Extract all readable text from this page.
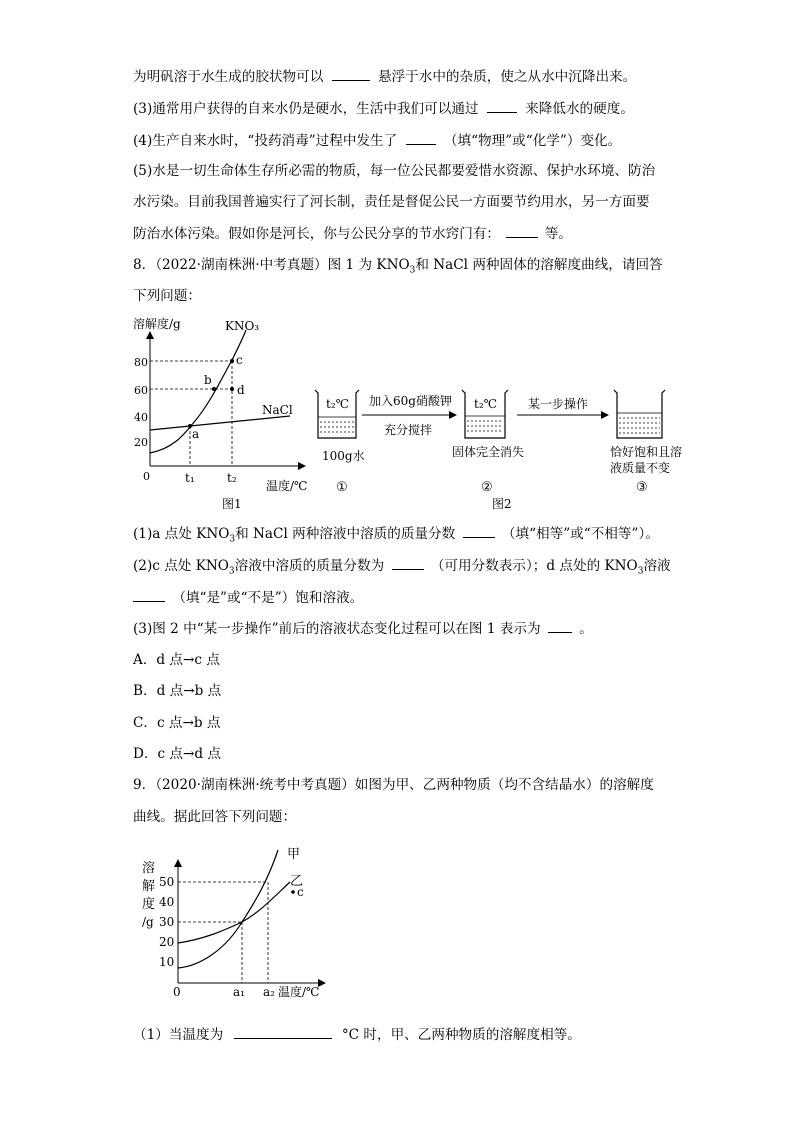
为明矾溶于水生成的胶状物可以	悬浮于水中的杂质，使之从水中沉降出来。
(3)通常用户获得的自来水仍是硬水，生活中我们可以通过	来降低水的硬度。
(4)生产自来水时，“投药消毒”过程中发生了	（填“物理”或“化学”）变化。
(5)水是一切生命体生存所必需的物质，每一位公民都要爱惜水资源、保护水环境、防治
水污染。目前我国普遍实行了河长制，责任是督促公民一方面要节约用水，另一方面要
防治水体污染。假如你是河长，你与公民分享的节水窍门有：	等。
8．（2022·湖南株洲·中考真题）图 1 为 $KNO_3$和 NaCl 两种固体的溶解度曲线，请回答
下列问题：
溶解度/g
温度/℃
0
80
60
40
20
KNO₃
NaCl
a
b
c
d
t₁	t₂
图1
t₂℃ 加入60g硝酸钾
充分搅拌
t₂℃	某一步操作
100g水	固体完全消失	恰好饱和且溶
液质量不变
①	②	③
图2
(1)a 点处 $KNO_3$和 NaCl 两种溶液中溶质的质量分数	（填“相等”或“不相等”）。
(2)c 点处 $KNO_3$溶液中溶质的质量分数为	（可用分数表示）；d 点处的 $KNO_3$溶液
（填“是”或“不是”）饱和溶液。
(3)图 2 中“某一步操作”前后的溶液状态变化过程可以在图 1 表示为	。
A．d 点→c 点
B．d 点→b 点
C．c 点→b 点
D．c 点→d 点
9．（2020·湖南株洲·统考中考真题）如图为甲、乙两种物质（均不含结晶水）的溶解度
曲线。据此回答下列问题：
溶
解
度
/g
50
40
30
20
10
0
c
甲
乙
a₁ a₂ 温度/℃
（1）当温度为	°C 时，甲、乙两种物质的溶解度相等。
